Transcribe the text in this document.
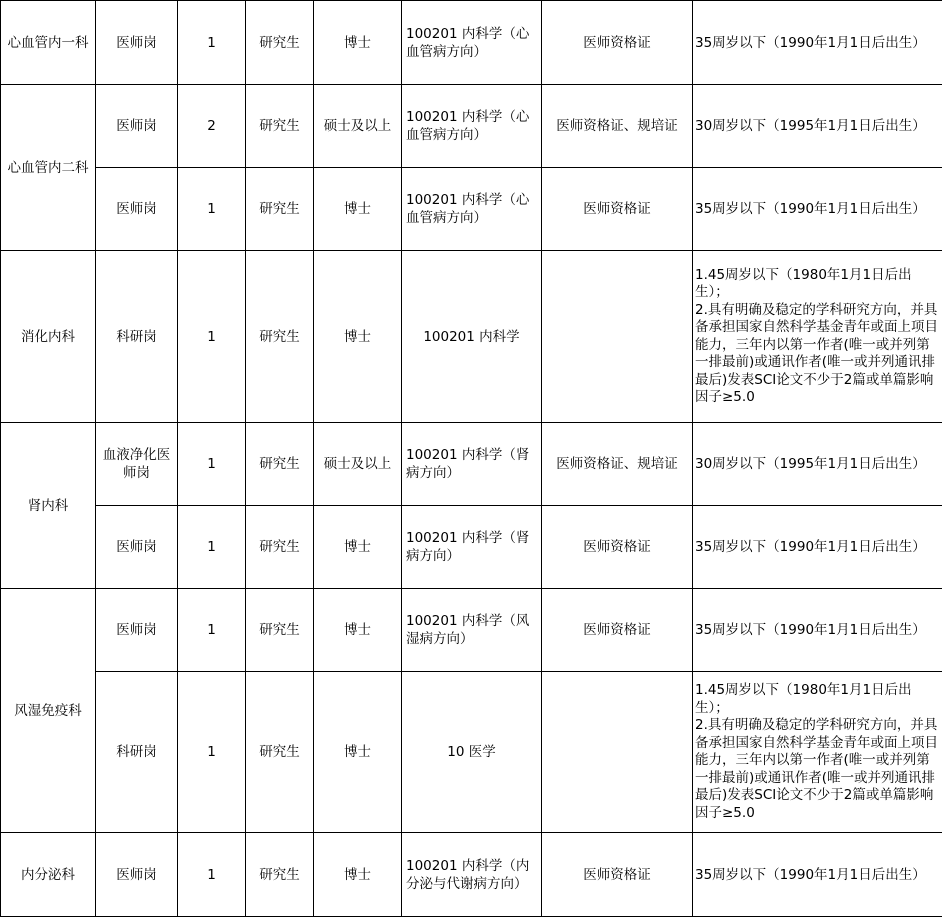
心血管内一科	医师岗	1	研究生	博士	100201 内科学（心血管病方向）	医师资格证	35周岁以下（1990年1月1日后出生）
心血管内二科	医师岗	2	研究生	硕士及以上	100201 内科学（心血管病方向）	医师资格证、规培证	30周岁以下（1995年1月1日后出生）
	医师岗	1	研究生	博士	100201 内科学（心血管病方向）	医师资格证	35周岁以下（1990年1月1日后出生）
消化内科	科研岗	1	研究生	博士	100201 内科学		1.45周岁以下（1980年1月1日后出生）；
2.具有明确及稳定的学科研究方向，并具备承担国家自然科学基金青年或面上项目能力，三年内以第一作者(唯一或并列第一排最前)或通讯作者(唯一或并列通讯排最后)发表SCI论文不少于2篇或单篇影响因子≥5.0

肾内科	血液净化医师岗	1	研究生	硕士及以上	100201 内科学（肾病方向）	医师资格证、规培证	30周岁以下（1995年1月1日后出生）
	医师岗	1	研究生	博士	100201 内科学（肾病方向）	医师资格证	35周岁以下（1990年1月1日后出生）
风湿免疫科	医师岗	1	研究生	博士	100201 内科学（风湿病方向）	医师资格证	35周岁以下（1990年1月1日后出生）
	科研岗	1	研究生	博士	10 医学		1.45周岁以下（1980年1月1日后出生）；
2.具有明确及稳定的学科研究方向，并具备承担国家自然科学基金青年或面上项目能力，三年内以第一作者(唯一或并列第一排最前)或通讯作者(唯一或并列通讯排最后)发表SCI论文不少于2篇或单篇影响因子≥5.0

内分泌科	医师岗	1	研究生	博士	100201 内科学（内分泌与代谢病方向）	医师资格证	35周岁以下（1990年1月1日后出生）
